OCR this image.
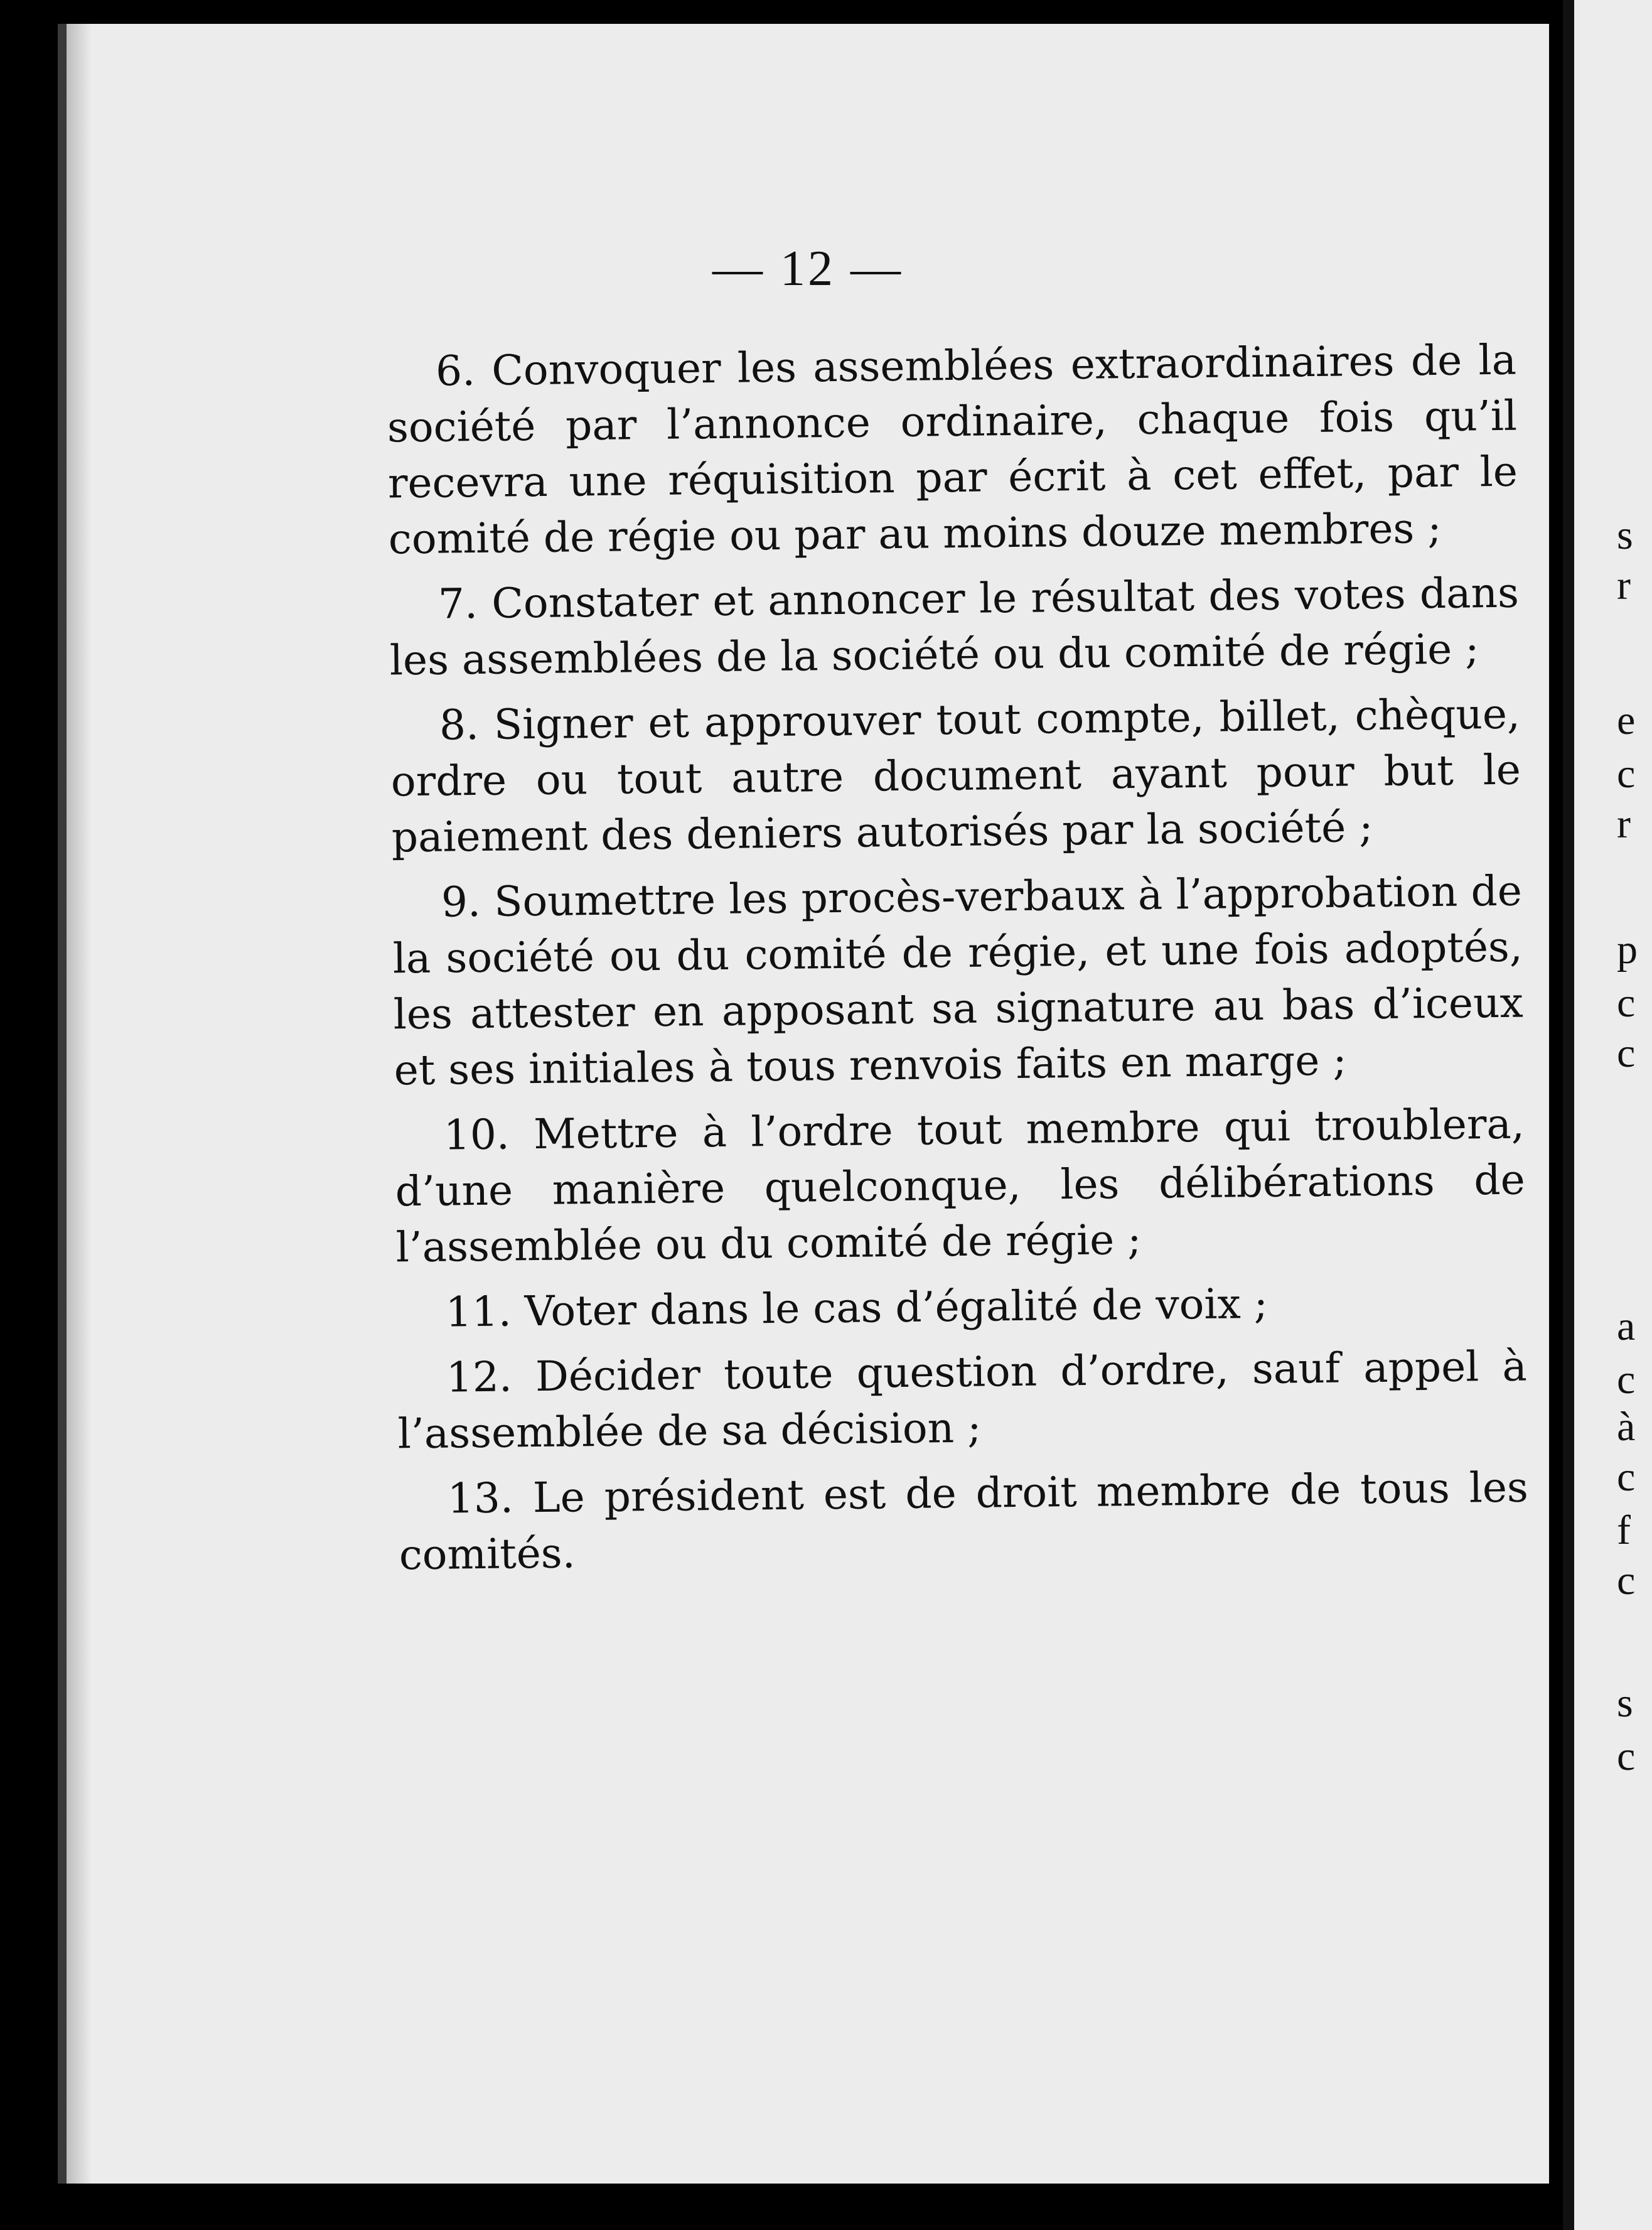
— 12 —

6. Convoquer les assemblées extraordinaires de la société par l’annonce ordinaire, chaque fois qu’il recevra une réquisition par écrit à cet effet, par le comité de régie ou par au moins douze membres ;

7. Constater et annoncer le résultat des votes dans les assemblées de la société ou du comité de régie ;

8. Signer et approuver tout compte, billet, chèque, ordre ou tout autre document ayant pour but le paiement des deniers autorisés par la société ;

9. Soumettre les procès-verbaux à l’approbation de la société ou du comité de régie, et une fois adoptés, les attester en apposant sa signature au bas d’iceux et ses initiales à tous renvois faits en marge ;

10. Mettre à l’ordre tout membre qui troublera, d’une manière quelconque, les délibérations de l’assemblée ou du comité de régie ;

11. Voter dans le cas d’égalité de voix ;

12. Décider toute question d’ordre, sauf appel à l’assemblée de sa décision ;

13. Le président est de droit membre de tous les comités.

s
r
e
c
r
p
c
c
a
c
à
c
f
c
s
c
